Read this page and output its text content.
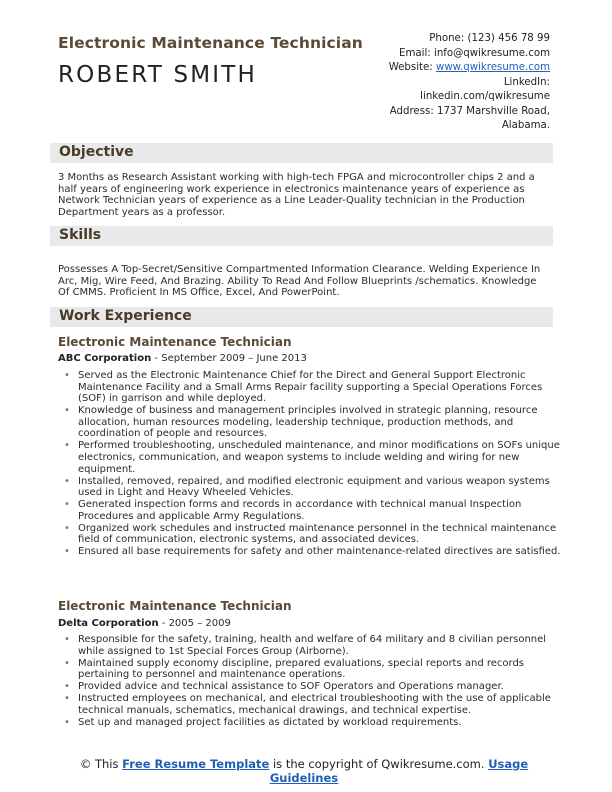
Electronic Maintenance Technician
ROBERT SMITH
Phone: (123) 456 78 99
Email: info@qwikresume.com
Website: www.qwikresume.com
LinkedIn:
linkedin.com/qwikresume
Address: 1737 Marshville Road,
Alabama.
Objective
3 Months as Research Assistant working with high-tech FPGA and microcontroller chips 2 and a half years of engineering work experience in electronics maintenance years of experience as Network Technician years of experience as a Line Leader-Quality technician in the Production Department years as a professor.
Skills
Possesses A Top-Secret/Sensitive Compartmented Information Clearance. Welding Experience In Arc, Mig, Wire Feed, And Brazing. Ability To Read And Follow Blueprints /schematics. Knowledge Of CMMS. Proficient In MS Office, Excel, And PowerPoint.
Work Experience
Electronic Maintenance Technician
ABC Corporation - September 2009 – June 2013
• Served as the Electronic Maintenance Chief for the Direct and General Support Electronic Maintenance Facility and a Small Arms Repair facility supporting a Special Operations Forces (SOF) in garrison and while deployed.
• Knowledge of business and management principles involved in strategic planning, resource allocation, human resources modeling, leadership technique, production methods, and coordination of people and resources.
• Performed troubleshooting, unscheduled maintenance, and minor modifications on SOFs unique electronics, communication, and weapon systems to include welding and wiring for new equipment.
• Installed, removed, repaired, and modified electronic equipment and various weapon systems used in Light and Heavy Wheeled Vehicles.
• Generated inspection forms and records in accordance with technical manual Inspection Procedures and applicable Army Regulations.
• Organized work schedules and instructed maintenance personnel in the technical maintenance field of communication, electronic systems, and associated devices.
• Ensured all base requirements for safety and other maintenance-related directives are satisfied.
Electronic Maintenance Technician
Delta Corporation - 2005 – 2009
• Responsible for the safety, training, health and welfare of 64 military and 8 civilian personnel while assigned to 1st Special Forces Group (Airborne).
• Maintained supply economy discipline, prepared evaluations, special reports and records pertaining to personnel and maintenance operations.
• Provided advice and technical assistance to SOF Operators and Operations manager.
• Instructed employees on mechanical, and electrical troubleshooting with the use of applicable technical manuals, schematics, mechanical drawings, and technical expertise.
• Set up and managed project facilities as dictated by workload requirements.
© This Free Resume Template is the copyright of Qwikresume.com. Usage Guidelines
